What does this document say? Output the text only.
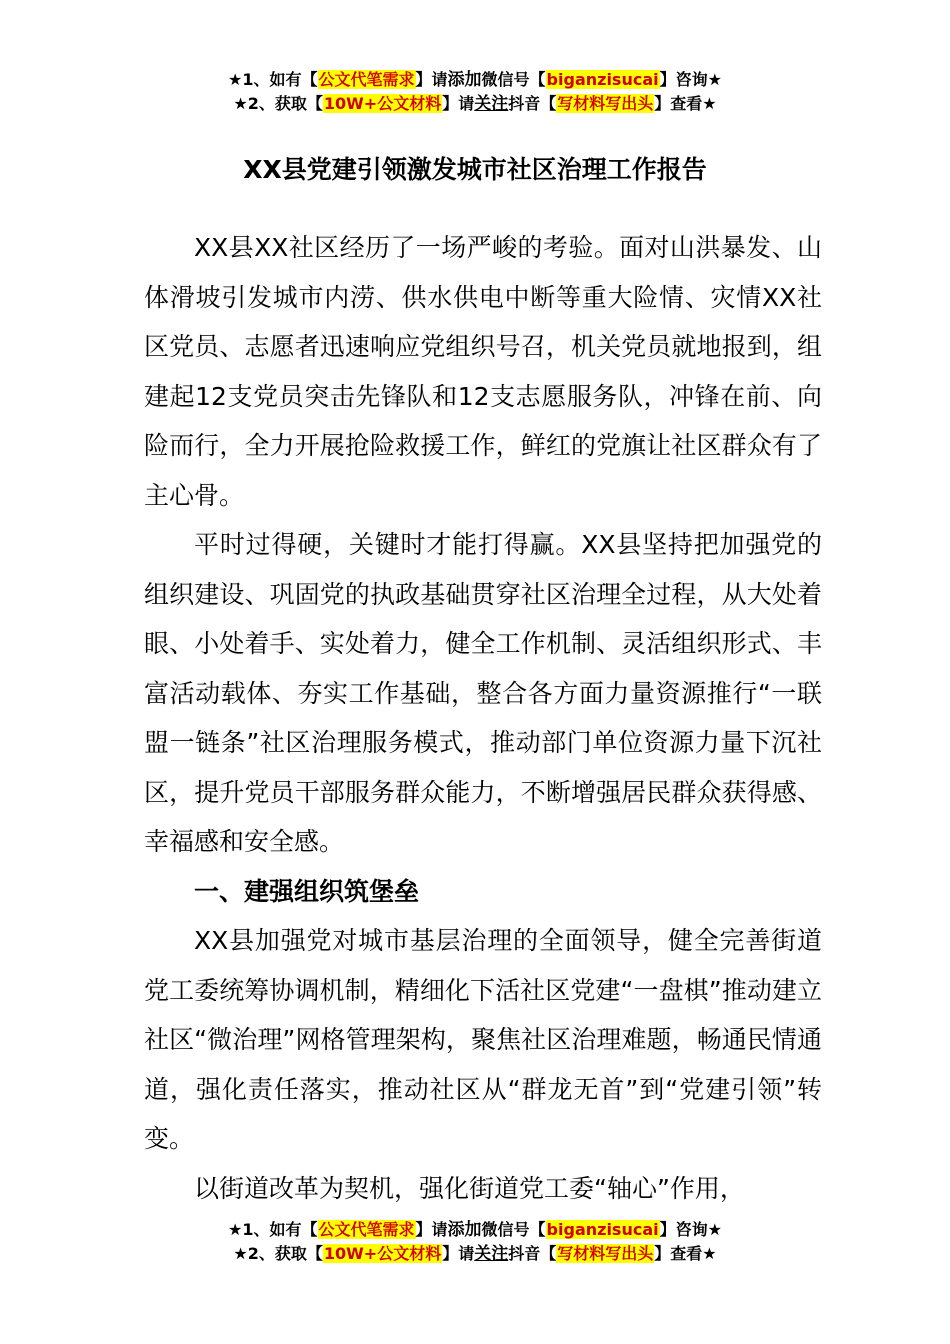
★1、如有【公文代笔需求】请添加微信号【biganzisucai】咨询★
★2、获取【10W+公文材料】请关注抖音【写材料写出头】查看★
XX县党建引领激发城市社区治理工作报告

XX县XX社区经历了一场严峻的考验。面对山洪暴发、山体滑坡引发城市内涝、供水供电中断等重大险情、灾情XX社区党员、志愿者迅速响应党组织号召，机关党员就地报到，组建起12支党员突击先锋队和12支志愿服务队，冲锋在前、向险而行，全力开展抢险救援工作，鲜红的党旗让社区群众有了主心骨。

平时过得硬，关键时才能打得赢。XX县坚持把加强党的组织建设、巩固党的执政基础贯穿社区治理全过程，从大处着眼、小处着手、实处着力，健全工作机制、灵活组织形式、丰富活动载体、夯实工作基础，整合各方面力量资源推行“一联盟一链条”社区治理服务模式，推动部门单位资源力量下沉社区，提升党员干部服务群众能力，不断增强居民群众获得感、幸福感和安全感。

一、建强组织筑堡垒

XX县加强党对城市基层治理的全面领导，健全完善街道党工委统筹协调机制，精细化下活社区党建“一盘棋”推动建立社区“微治理”网格管理架构，聚焦社区治理难题，畅通民情通道，强化责任落实，推动社区从“群龙无首”到“党建引领”转变。

以街道改革为契机，强化街道党工委“轴心”作用，

★1、如有【公文代笔需求】请添加微信号【biganzisucai】咨询★
★2、获取【10W+公文材料】请关注抖音【写材料写出头】查看★
